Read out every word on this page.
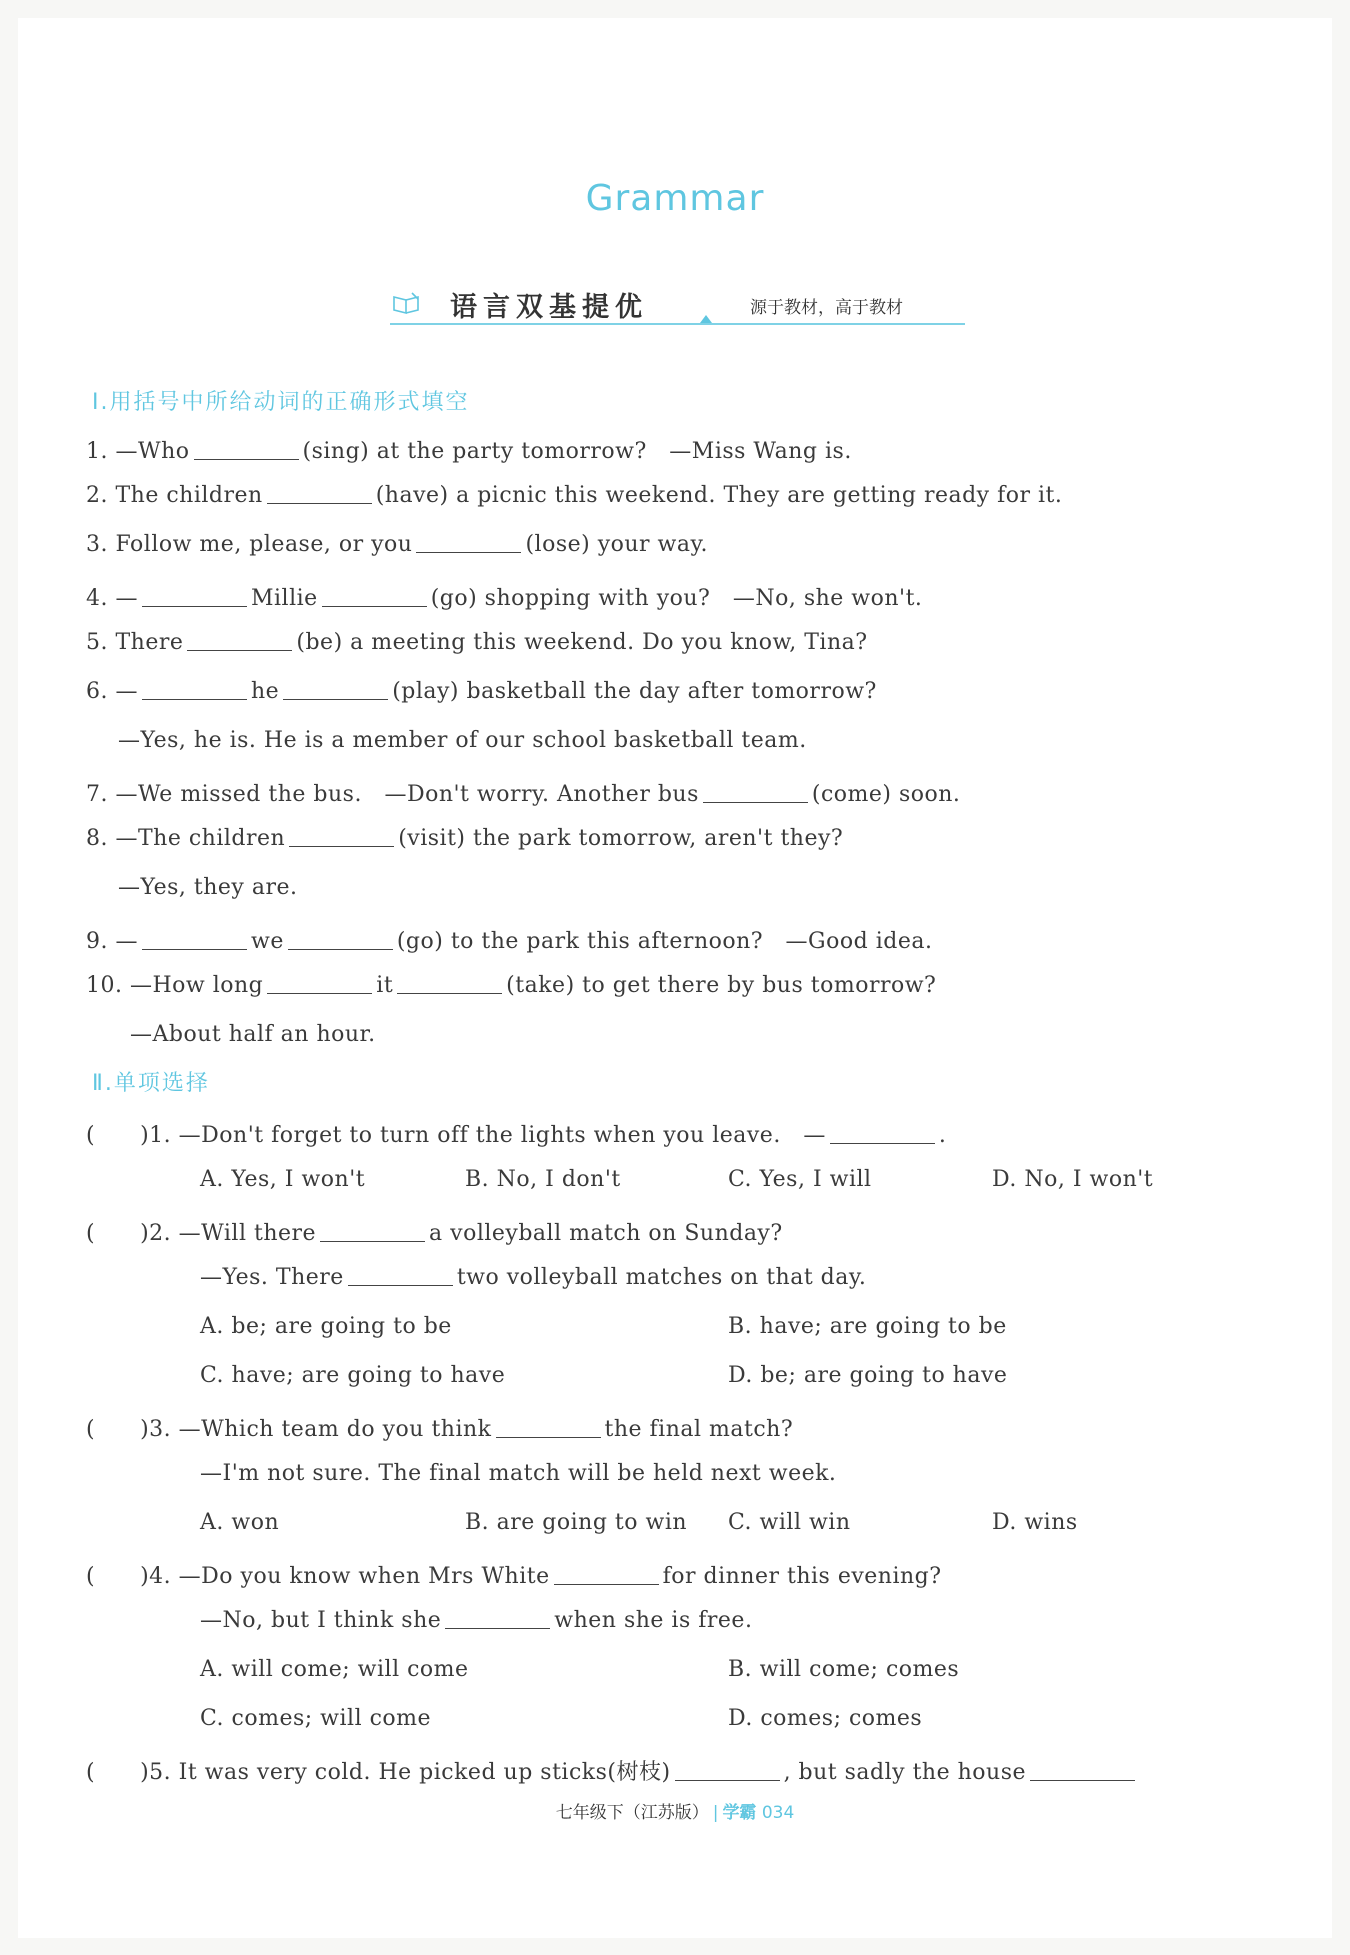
Grammar
语言双基提优	源于教材，高于教材
Ⅰ.用括号中所给动词的正确形式填空
1. —Who	(sing) at the party tomorrow?　—Miss Wang is.
2. The children	(have) a picnic this weekend. They are getting ready for it.
3. Follow me, please, or you	(lose) your way.
4. —	Millie	(go) shopping with you?　—No, she won't.
5. There	(be) a meeting this weekend. Do you know, Tina?
6. —	he	(play) basketball the day after tomorrow?
—Yes, he is. He is a member of our school basketball team.
7. —We missed the bus.　—Don't worry. Another bus	(come) soon.
8. —The children	(visit) the park tomorrow, aren't they?
—Yes, they are.
9. —	we	(go) to the park this afternoon?　—Good idea.
10. —How long	it	(take) to get there by bus tomorrow?
—About half an hour.
Ⅱ.单项选择
(　　)1. —Don't forget to turn off the lights when you leave.　—	.
A. Yes, I won't	B. No, I don't	C. Yes, I will	D. No, I won't
(　　)2. —Will there	a volleyball match on Sunday?
—Yes. There	two volleyball matches on that day.
A. be; are going to be	B. have; are going to be
C. have; are going to have	D. be; are going to have
(　　)3. —Which team do you think	the final match?
—I'm not sure. The final match will be held next week.
A. won	B. are going to win C. will win	D. wins
(　　)4. —Do you know when Mrs White	for dinner this evening?
—No, but I think she	when she is free.
A. will come; will come	B. will come; comes
C. comes; will come	D. comes; comes
(　　)5. It was very cold. He picked up sticks(树枝)	, but sadly the house
七年级下（江苏版） | 学霸 034
